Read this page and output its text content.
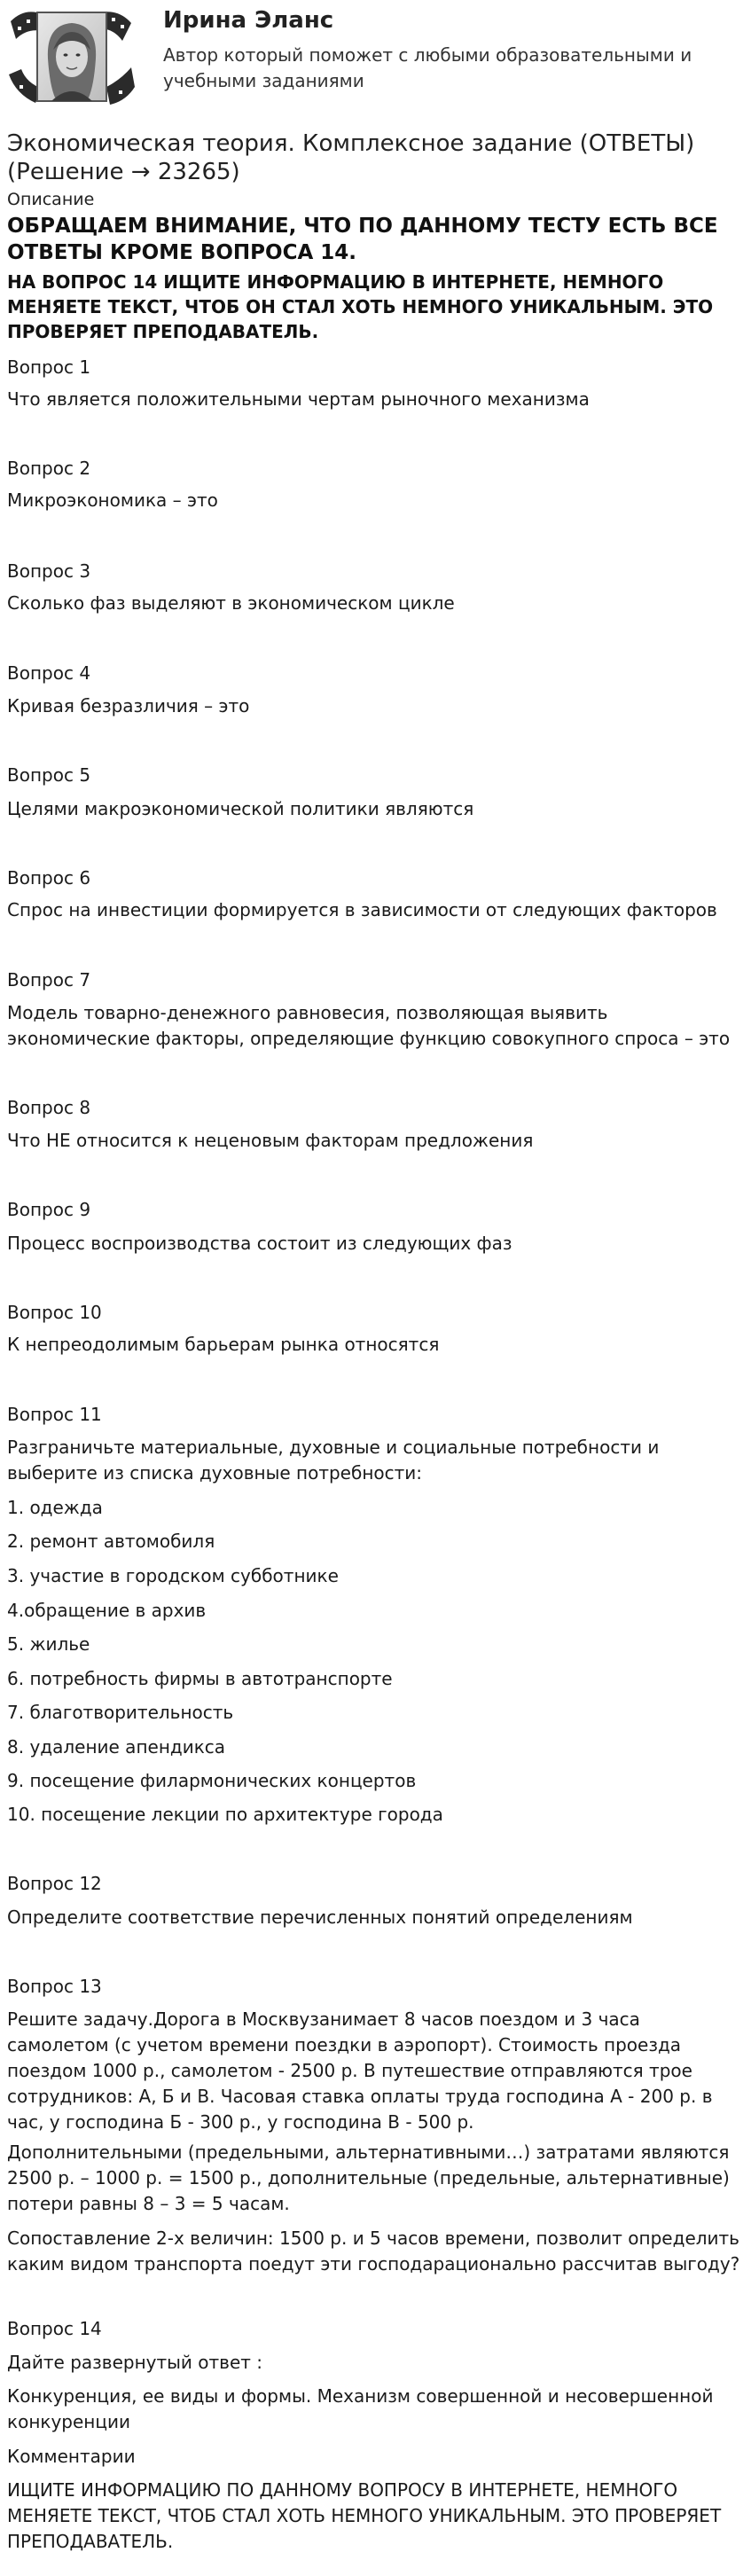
Ирина Эланс
Автор который поможет с любыми образовательными и учебными заданиями
Экономическая теория. Комплексное задание (ОТВЕТЫ) (Решение → 23265)
Описание
ОБРАЩАЕМ ВНИМАНИЕ, ЧТО ПО ДАННОМУ ТЕСТУ ЕСТЬ ВСЕ ОТВЕТЫ КРОМЕ ВОПРОСА 14.
НА ВОПРОС 14 ИЩИТЕ ИНФОРМАЦИЮ В ИНТЕРНЕТЕ, НЕМНОГО МЕНЯЕТЕ ТЕКСТ, ЧТОБ ОН СТАЛ ХОТЬ НЕМНОГО УНИКАЛЬНЫМ. ЭТО ПРОВЕРЯЕТ ПРЕПОДАВАТЕЛЬ.
Вопрос 1
Что является положительными чертам рыночного механизма
Вопрос 2
Микроэкономика – это
Вопрос 3
Сколько фаз выделяют в экономическом цикле
Вопрос 4
Кривая безразличия – это
Вопрос 5
Целями макроэкономической политики являются
Вопрос 6
Спрос на инвестиции формируется в зависимости от следующих факторов
Вопрос 7
Модель товарно-денежного равновесия, позволяющая выявить экономические факторы, определяющие функцию совокупного спроса – это
Вопрос 8
Что НЕ относится к неценовым факторам предложения
Вопрос 9
Процесс воспроизводства состоит из следующих фаз
Вопрос 10
К непреодолимым барьерам рынка относятся
Вопрос 11
Разграничьте материальные, духовные и социальные потребности и выберите из списка духовные потребности:
1. одежда
2. ремонт автомобиля
3. участие в городском субботнике
4.обращение в архив
5. жилье
6. потребность фирмы в автотранспорте
7. благотворительность
8. удаление апендикса
9. посещение филармонических концертов
10. посещение лекции по архитектуре города
Вопрос 12
Определите соответствие перечисленных понятий определениям
Вопрос 13
Решите задачу.Дорога в Москвузанимает 8 часов поездом и 3 часа самолетом (с учетом времени поездки в аэропорт). Стоимость проезда поездом 1000 р., самолетом - 2500 р. В путешествие отправляются трое сотрудников: А, Б и В. Часовая ставка оплаты труда господина А - 200 р. в час, у господина Б - 300 р., у господина В - 500 р.
Дополнительными (предельными, альтернативными…) затратами являются 2500 р. – 1000 р. = 1500 р., дополнительные (предельные, альтернативные) потери равны 8 – 3 = 5 часам.
Сопоставление 2-х величин: 1500 р. и 5 часов времени, позволит определить каким видом транспорта поедут эти господарационально рассчитав выгоду?
Вопрос 14
Дайте развернутый ответ :
Конкуренция, ее виды и формы. Механизм совершенной и несовершенной конкуренции
Комментарии
ИЩИТЕ ИНФОРМАЦИЮ ПО ДАННОМУ ВОПРОСУ В ИНТЕРНЕТЕ, НЕМНОГО МЕНЯЕТЕ ТЕКСТ, ЧТОБ СТАЛ ХОТЬ НЕМНОГО УНИКАЛЬНЫМ. ЭТО ПРОВЕРЯЕТ ПРЕПОДАВАТЕЛЬ.
